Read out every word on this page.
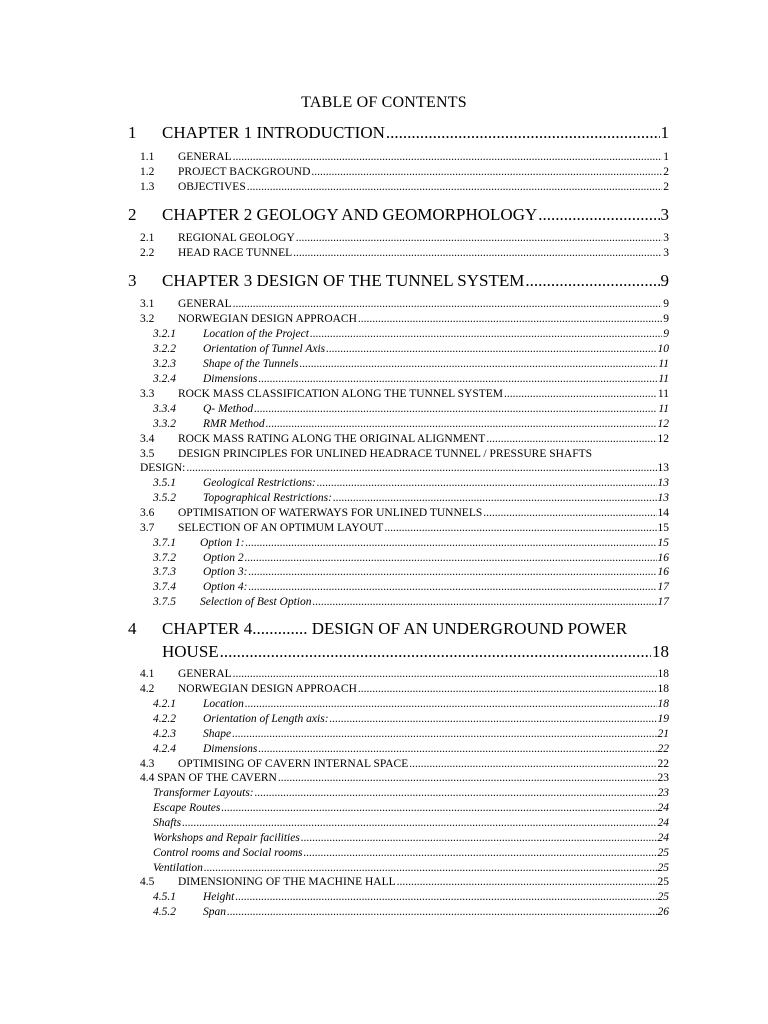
TABLE OF CONTENTS
1 CHAPTER 1 INTRODUCTION	1
.....
1.1 GENERAL	1
.....
1.2 PROJECT BACKGROUND	2
.....
1.3 OBJECTIVES	2
.....
2 CHAPTER 2 GEOLOGY AND GEOMORPHOLOGY	3
.....
2.1 REGIONAL GEOLOGY	3
.....
2.2 HEAD RACE TUNNEL	3
.....
3 CHAPTER 3 DESIGN OF THE TUNNEL SYSTEM	9
.....
3.1 GENERAL	9
.....
3.2 NORWEGIAN DESIGN APPROACH	9
.....
3.2.1 Location of the Project	9
.....
3.2.2 Orientation of Tunnel Axis	10
.....
3.2.3 Shape of the Tunnels	11
.....
3.2.4 Dimensions	11
.....
3.3 ROCK MASS CLASSIFICATION ALONG THE TUNNEL SYSTEM	11
.....
3.3.4 Q- Method	11
.....
3.3.2 RMR Method	12
.....
3.4 ROCK MASS RATING ALONG THE ORIGINAL ALIGNMENT	12
.....
3.5 DESIGN PRINCIPLES FOR UNLINED HEADRACE TUNNEL / PRESSURE SHAFTS
DESIGN:	13
.....
3.5.1 Geological Restrictions:	13
.....
3.5.2 Topographical Restrictions:	13
.....
3.6 OPTIMISATION OF WATERWAYS FOR UNLINED TUNNELS	14
.....
3.7 SELECTION OF AN OPTIMUM LAYOUT	15
.....
3.7.1 Option 1:	15
.....
3.7.2 Option 2	16
.....
3.7.3 Option 3:	16
.....
3.7.4 Option 4:	17
.....
3.7.5 Selection of Best Option	17
.....
4 CHAPTER 4............. DESIGN OF AN UNDERGROUND POWER
HOUSE	18
.....
4.1 GENERAL	18
.....
4.2 NORWEGIAN DESIGN APPROACH	18
.....
4.2.1 Location	18
.....
4.2.2 Orientation of Length axis:	19
.....
4.2.3 Shape	21
.....
4.2.4 Dimensions	22
.....
4.3 OPTIMISING OF CAVERN INTERNAL SPACE	22
.....
4.4 SPAN OF THE CAVERN	23
.....
Transformer Layouts:	23
.....
Escape Routes	24
.....
Shafts	24
.....
Workshops and Repair facilities	24
.....
Control rooms and Social rooms	25
.....
Ventilation	25
.....
4.5 DIMENSIONING OF THE MACHINE HALL	25
.....
4.5.1 Height	25
.....
4.5.2 Span	26
.....
